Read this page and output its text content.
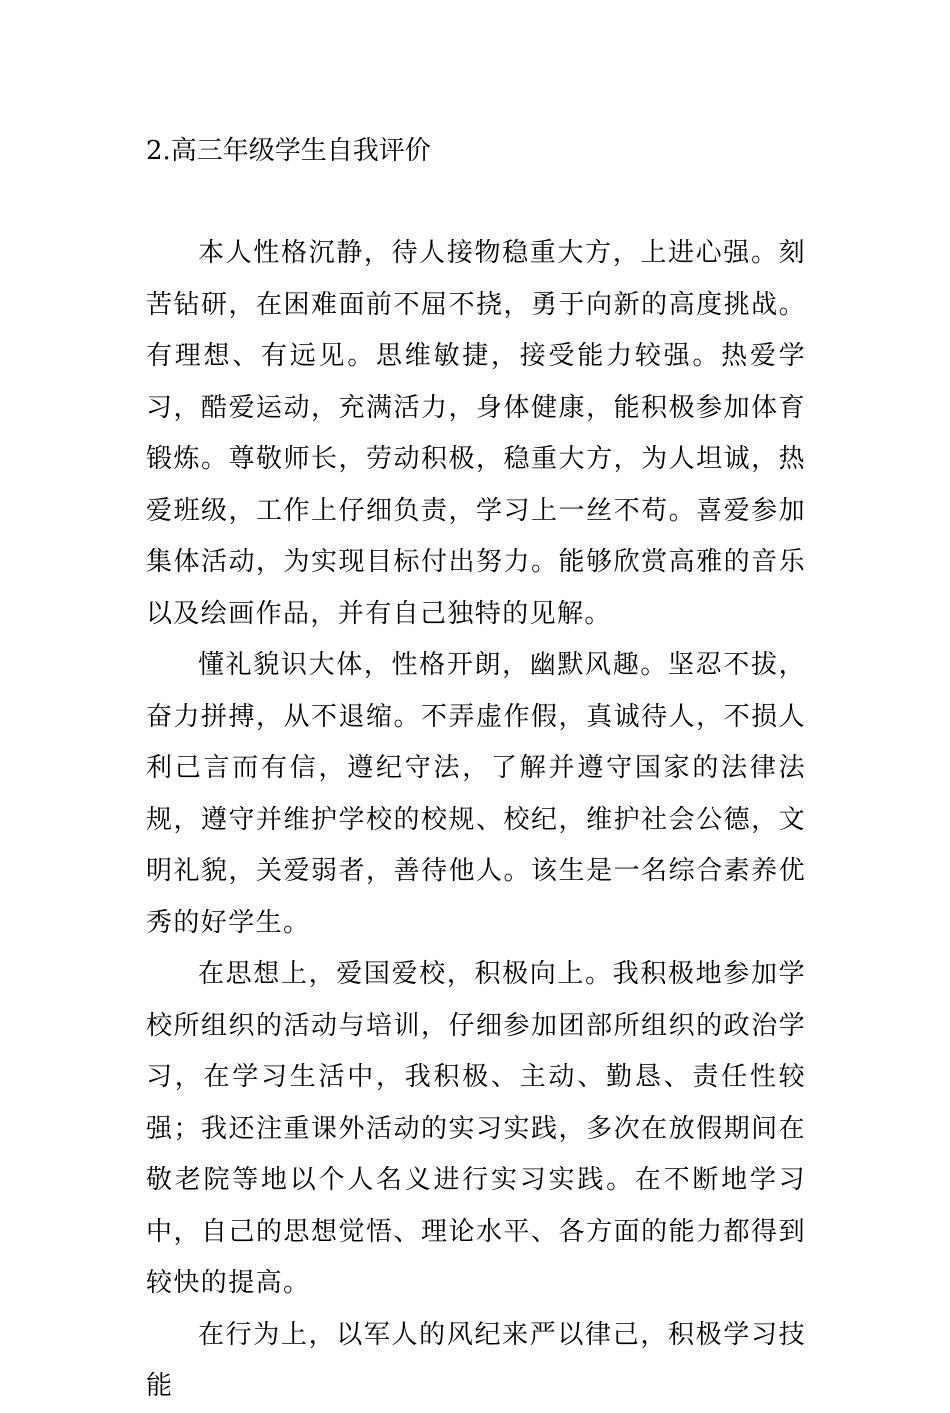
2.高三年级学生自我评价

本人性格沉静，待人接物稳重大方，上进心强。刻苦钻研，在困难面前不屈不挠，勇于向新的高度挑战。有理想、有远见。思维敏捷，接受能力较强。热爱学习，酷爱运动，充满活力，身体健康，能积极参加体育锻炼。尊敬师长，劳动积极，稳重大方，为人坦诚，热爱班级，工作上仔细负责，学习上一丝不苟。喜爱参加集体活动，为实现目标付出努力。能够欣赏高雅的音乐以及绘画作品，并有自己独特的见解。

懂礼貌识大体，性格开朗，幽默风趣。坚忍不拔，奋力拼搏，从不退缩。不弄虚作假，真诚待人，不损人利己言而有信，遵纪守法，了解并遵守国家的法律法规，遵守并维护学校的校规、校纪，维护社会公德，文明礼貌，关爱弱者，善待他人。该生是一名综合素养优秀的好学生。

在思想上，爱国爱校，积极向上。我积极地参加学校所组织的活动与培训，仔细参加团部所组织的政治学习，在学习生活中，我积极、主动、勤恳、责任性较强；我还注重课外活动的实习实践，多次在放假期间在敬老院等地以个人名义进行实习实践。在不断地学习中，自己的思想觉悟、理论水平、各方面的能力都得到较快的提高。

在行为上，以军人的风纪来严以律己，积极学习技能
